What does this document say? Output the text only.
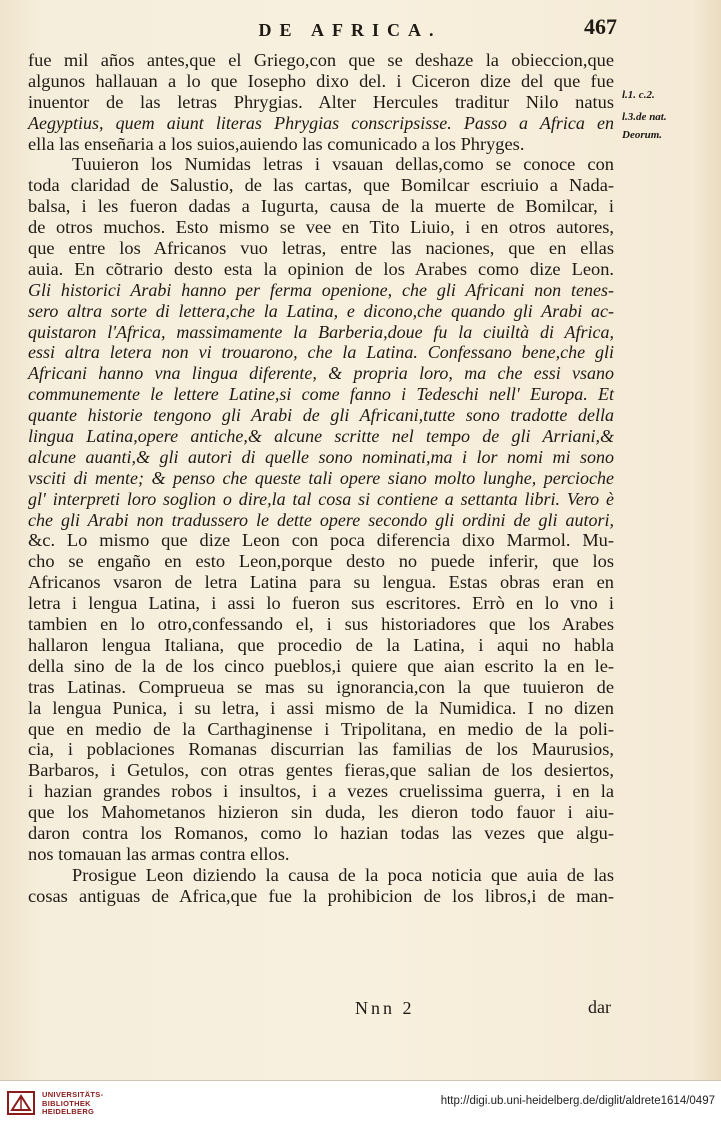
DE AFRICA.	467
fue mil años antes,que el Griego,con que se deshaze la obieccion,que
algunos hallauan a lo que Iosepho dixo del. i Ciceron dize del que fue
inuentor de las letras Phrygias. Alter Hercules traditur Nilo natus
Aegyptius, quem aiunt literas Phrygias conscripsisse. Passo a Africa en
ella las enseñaria a los suios,auiendo las comunicado a los Phryges.
Tuuieron los Numidas letras i vsauan dellas,como se conoce con
toda claridad de Salustio, de las cartas, que Bomilcar escriuio a Nada-
balsa, i les fueron dadas a Iugurta, causa de la muerte de Bomilcar, i
de otros muchos. Esto mismo se vee en Tito Liuio, i en otros autores,
que entre los Africanos vuo letras, entre las naciones, que en ellas
auia. En cõtrario desto esta la opinion de los Arabes como dize Leon.
Gli historici Arabi hanno per ferma openione, che gli Africani non tenes-
sero altra sorte di lettera,che la Latina, e dicono,che quando gli Arabi ac-
quistaron l'Africa, massimamente la Barberia,doue fu la ciuiltà di Africa,
essi altra letera non vi trouarono, che la Latina. Confessano bene,che gli
Africani hanno vna lingua diferente, & propria loro, ma che essi vsano
communemente le lettere Latine,si come fanno i Tedeschi nell' Europa. Et
quante historie tengono gli Arabi de gli Africani,tutte sono tradotte della
lingua Latina,opere antiche,& alcune scritte nel tempo de gli Arriani,&
alcune auanti,& gli autori di quelle sono nominati,ma i lor nomi mi sono
vsciti di mente; & penso che queste tali opere siano molto lunghe, percioche
gl' interpreti loro soglion o dire,la tal cosa si contiene a settanta libri. Vero è
che gli Arabi non tradussero le dette opere secondo gli ordini de gli autori,
&c. Lo mismo que dize Leon con poca diferencia dixo Marmol. Mu-
cho se engaño en esto Leon,porque desto no puede inferir, que los
Africanos vsaron de letra Latina para su lengua. Estas obras eran en
letra i lengua Latina, i assi lo fueron sus escritores. Errò en lo vno i
tambien en lo otro,confessando el, i sus historiadores que los Arabes
hallaron lengua Italiana, que procedio de la Latina, i aqui no habla
della sino de la de los cinco pueblos,i quiere que aian escrito la en le-
tras Latinas. Comprueua se mas su ignorancia,con la que tuuieron de
la lengua Punica, i su letra, i assi mismo de la Numidica. I no dizen
que en medio de la Carthaginense i Tripolitana, en medio de la poli-
cia, i poblaciones Romanas discurrian las familias de los Maurusios,
Barbaros, i Getulos, con otras gentes fieras,que salian de los desiertos,
i hazian grandes robos i insultos, i a vezes cruelissima guerra, i en la
que los Mahometanos hizieron sin duda, les dieron todo fauor i aiu-
daron contra los Romanos, como lo hazian todas las vezes que algu-
nos tomauan las armas contra ellos.
Prosigue Leon diziendo la causa de la poca noticia que auia de las
cosas antiguas de Africa,que fue la prohibicion de los libros,i de man-
l.1. c.2.
l.3.de nat.
Deorum.
Nnn 2	dar
UNIVERSITÄTS-
BIBLIOTHEK
HEIDELBERG
http://digi.ub.uni-heidelberg.de/diglit/aldrete1614/0497
